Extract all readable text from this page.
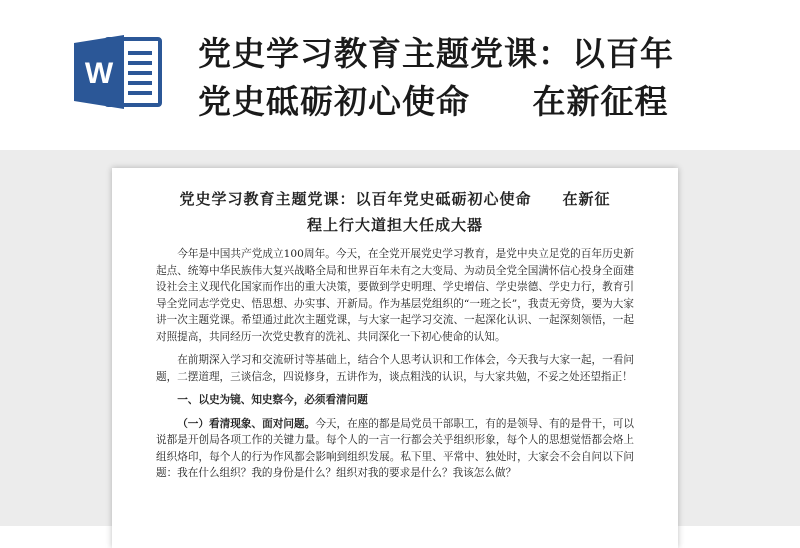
W
党史学习教育主题党课：以百年
党史砥砺初心使命     在新征程
党史学习教育主题党课：以百年党史砥砺初心使命     在新征
程上行大道担大任成大器

今年是中国共产党成立100周年。今天，在全党开展党史学习教育，是党中央立足党的百年历史新起点、统筹中华民族伟大复兴战略全局和世界百年未有之大变局、为动员全党全国满怀信心投身全面建设社会主义现代化国家而作出的重大决策，要做到学史明理、学史增信、学史崇德、学史力行，教育引导全党同志学党史、悟思想、办实事、开新局。作为基层党组织的“一班之长”，我责无旁贷，要为大家讲一次主题党课。希望通过此次主题党课，与大家一起学习交流、一起深化认识、一起深刻领悟，一起对照提高，共同经历一次党史教育的洗礼、共同深化一下初心使命的认知。

在前期深入学习和交流研讨等基础上，结合个人思考认识和工作体会，今天我与大家一起，一看问题，二摆道理，三谈信念，四说修身，五讲作为，谈点粗浅的认识，与大家共勉，不妥之处还望指正！

一、以史为镜、知史察今，必须看清问题

（一）看清现象、面对问题。今天，在座的都是局党员干部职工，有的是领导、有的是骨干，可以说都是开创局各项工作的关键力量。每个人的一言一行都会关乎组织形象，每个人的思想觉悟都会烙上组织烙印，每个人的行为作风都会影响到组织发展。私下里、平常中、独处时，大家会不会自问以下问题：我在什么组织？我的身份是什么？组织对我的要求是什么？我该怎么做？
